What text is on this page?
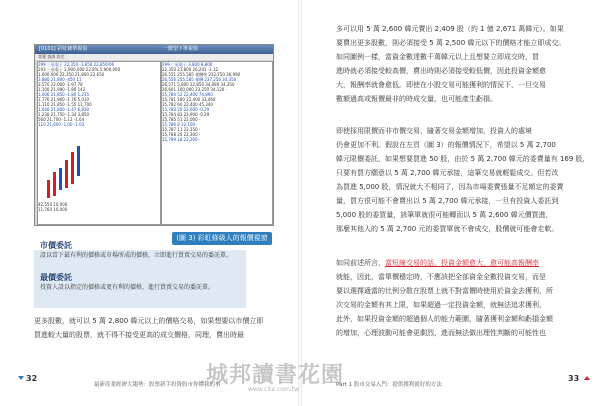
[0101] 彩虹條單視窗	一體型下單視窗
買賣 查詢 設定
299 三星電子 22,350 -1,650 22,850/06
293 三星電子 2,900,000 22.8% 5,900,000
1,000,000 22,350 21,800 22,650
3,880 21,800 -450 11
3,570 22,000 -1.97 78
1,100 21,990 -1.80 142
1,006 21,850 -1.80 1,235
1,776 21,900 -1.76 5,010
1,110 21,850 -1.55 11,700
1,040 21,800 -1.47 6,830
1,230 21,750 -1.34 3,850
560 21,700 -1.12 -1.04
110 21,600 -1.00 -1.03
42,554 10,000
11,760 10,000
299 三星電子 3,800 8,800
22,350 21,800 26,201 -1.12
26,551 255,585 報酬率 232,750 36,990
26,556 255,585 報酬 237,256 34,350
26,571 5,800 22,850 34,080 34,350
26,601 100,000 23,250 34,120 -
15,780 52 22,400 74,890
15,781 180 22,400 33,460
15,782 60 22,400 45,340
15,783 20 22,600 -0.29
15,784 83 22,900 -0.29
15,785 51 22,000 -
15,786 8 22,100 -
15,787 11 22,150 -
15,788 20 22,300 -
15,789 18 22,200 -
(圖 3) 彩虹條級人的報價視窗
市價委託
設以當下最有利的價格或市場所成的價格，立即進行買賣交易的委託單。
最價委託
投資人設以指定的價格或更有利的價格，進行買賣交易的委託單。
更多股數，就可以 5 萬 2,800 韓元以上的價格交易，如果想要以市價立即
買進較大量的股票，就不得不接受更高的成交價格，同理，賣出時最
32
最新產業經濟大趨勢：股票新手投資股市你懂我的事
多可以用 5 萬 2,600 韓元賣出 2,409 股（約 1 億 2,671 萬韓元）。如果
要賣出更多股數，則必須接受 5 萬 2,500 韓元以下的價格才能立即成交。
如同圖例一樣，當資金數達數千萬韓元以上且想要立即成交時，買
進時就必須接受較高價，賣出時則必須接受較低價，因此投資金額愈
大，報酬率就會愈低。即使在小股交易可能獲利的情況下，一旦交易
數額過高或報價最非的時成交量，也可能產生虧損。
即使採用限價而非市價交易，隨著交易金額增加，投資人的處境
仍會更加不利。假設在左頁（圖 3）的報價情況下，希望以 5 萬 2,700
韓元限價委託，如果想要買進 50 股，由於 5 萬 2,700 韓元的委賣量有 169 股，
只要有買方願意以 5 萬 2,700 韓元承接，這筆交易就輕鬆成交。但若改
為買進 5,000 股，情況就大不相同了，因為市場委賣張量不足額定的委賣
量，買方很可能不會賣出以 5 萬 2,700 韓元承接，一旦有投資人委託到
5,000 股的委買量，該筆單就很可能轉而以 5 萬 2,600 韓元價買進，
那麼其他人的 5 萬 2,700 元的委買單就不會成交，股價就可能會走軟。
如同前述所言，當短線交易的話，投資金額愈大，愈可能高報酬率
就能，因此，當單價穩定時，不應該把全部資金全數投資交易，而是
要以選擇適當的比例分散在股票上就不對當價時使用於資金去獲利，所
次交易的金額有其上限，如果超過一定投資金額，就無法追求獲利，
此外，如果投資金額的超過個人的能力範圍，隨著獲利金額和虧損金額
的增加，心理波動可能會更劇烈，進而無法做出理性判斷的可能性也
Part 1 股市交易入門：提供獲利就好的方法
33
城邦讀書花園
www.cite.com.tw
